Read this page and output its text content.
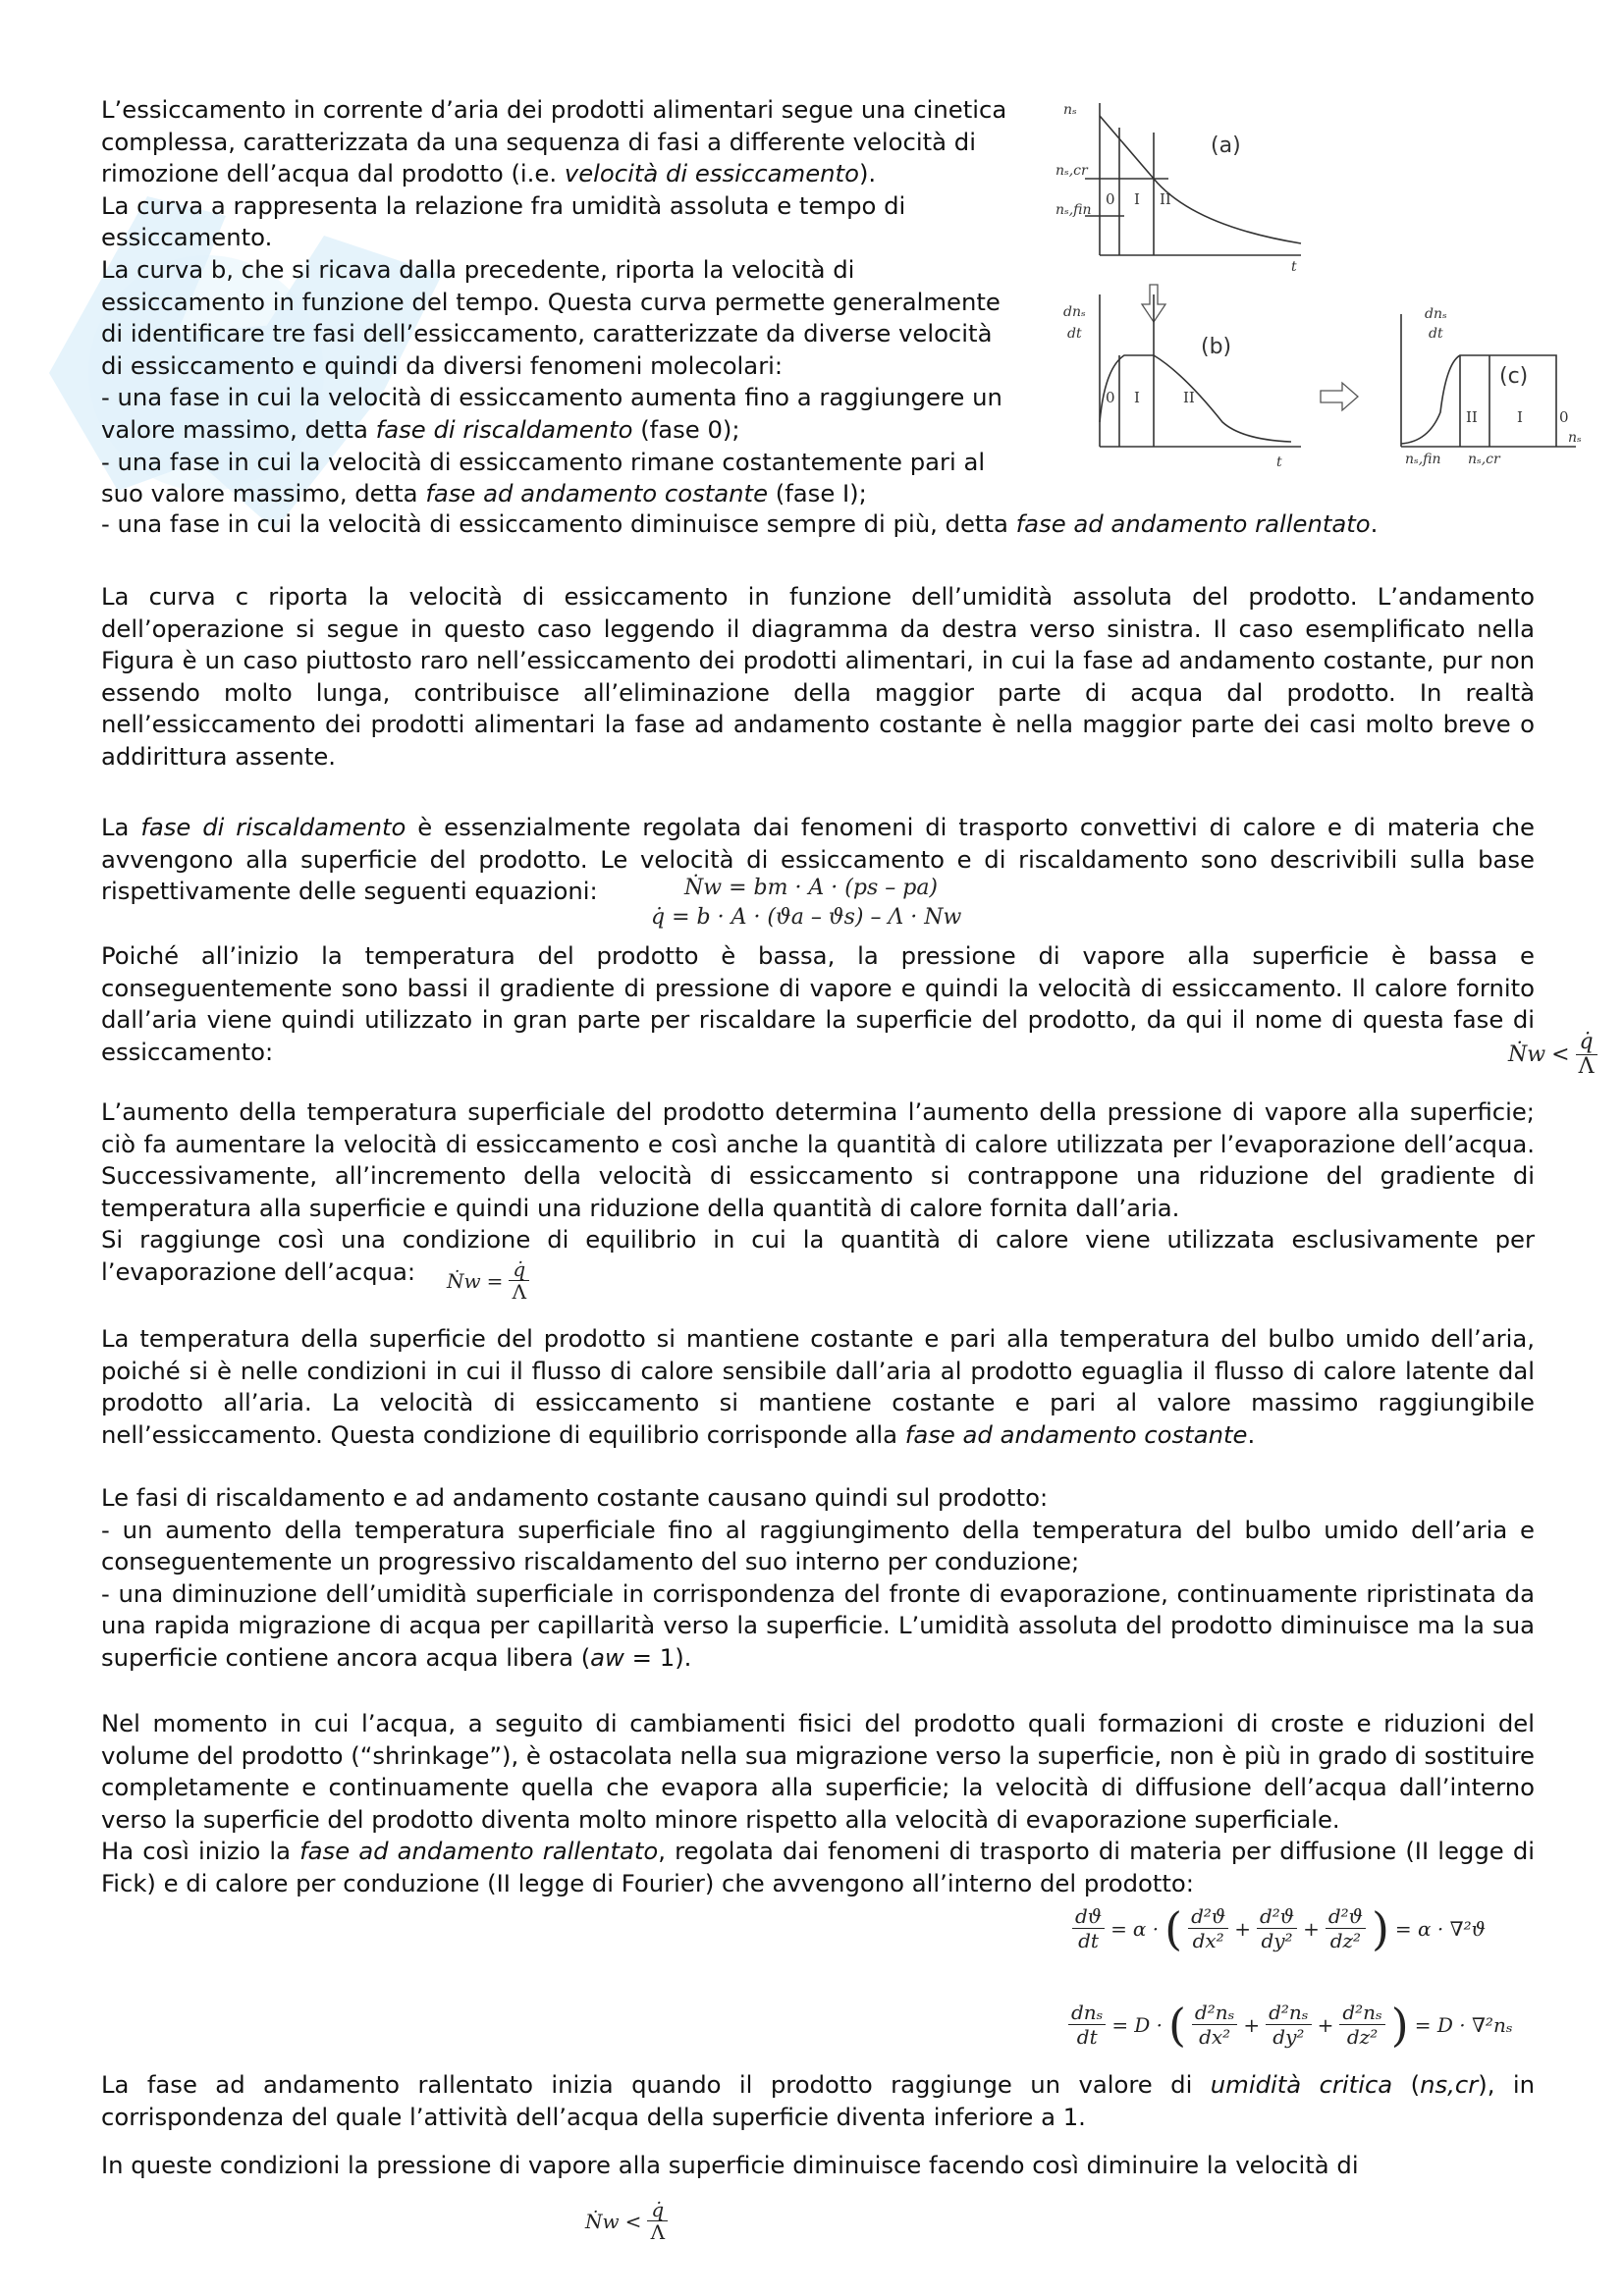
L’essiccamento in corrente d’aria dei prodotti alimentari segue una cinetica
complessa, caratterizzata da una sequenza di fasi a differente velocità di
rimozione dell’acqua dal prodotto (i.e. velocità di essiccamento).
La curva a rappresenta la relazione fra umidità assoluta e tempo di
essiccamento.
La curva b, che si ricava dalla precedente, riporta la velocità di
essiccamento in funzione del tempo. Questa curva permette generalmente
di identificare tre fasi dell’essiccamento, caratterizzate da diverse velocità
di essiccamento e quindi da diversi fenomeni molecolari:
- una fase in cui la velocità di essiccamento aumenta fino a raggiungere un
valore massimo, detta fase di riscaldamento (fase 0);
- una fase in cui la velocità di essiccamento rimane costantemente pari al
suo valore massimo, detta fase ad andamento costante (fase I);
- una fase in cui la velocità di essiccamento diminuisce sempre di più, detta fase ad andamento rallentato.
nₛ
nₛ,cr
nₛ,fin
(a)
0 I II
t
dnₛ
dt
(b)
0 I	II
t
dnₛ
dt
(c)
II	I 0
nₛ,fin nₛ,cr
nₛ

La curva c riporta la velocità di essiccamento in funzione dell’umidità assoluta del prodotto. L’andamento dell’operazione si segue in questo caso leggendo il diagramma da destra verso sinistra. Il caso esemplificato nella Figura è un caso piuttosto raro nell’essiccamento dei prodotti alimentari, in cui la fase ad andamento costante, pur non essendo molto lunga, contribuisce all’eliminazione della maggior parte di acqua dal prodotto. In realtà nell’essiccamento dei prodotti alimentari la fase ad andamento costante è nella maggior parte dei casi molto breve o addirittura assente.

La fase di riscaldamento è essenzialmente regolata dai fenomeni di trasporto convettivi di calore e di materia che avvengono alla superficie del prodotto. Le velocità di essiccamento e di riscaldamento sono descrivibili sulla base rispettivamente delle seguenti equazioni:	Ṅw = bm · A · (ps – pa)
q̇ = b · A · (ϑa – ϑs) – Λ · Nw

Poiché all’inizio la temperatura del prodotto è bassa, la pressione di vapore alla superficie è bassa e conseguentemente sono bassi il gradiente di pressione di vapore e quindi la velocità di essiccamento. Il calore fornito dall’aria viene quindi utilizzato in gran parte per riscaldare la superficie del prodotto, da qui il nome di questa fase di essiccamento:	Ṅw <
q̇
Λ

L’aumento della temperatura superficiale del prodotto determina l’aumento della pressione di vapore alla superficie; ciò fa aumentare la velocità di essiccamento e così anche la quantità di calore utilizzata per l’evaporazione dell’acqua. Successivamente, all’incremento della velocità di essiccamento si contrappone una riduzione del gradiente di temperatura alla superficie e quindi una riduzione della quantità di calore fornita dall’aria.

Si raggiunge così una condizione di equilibrio in cui la quantità di calore viene utilizzata esclusivamente per l’evaporazione dell’acqua:	Ṅw = $\frac{q̇}{\Lambda}$

La temperatura della superficie del prodotto si mantiene costante e pari alla temperatura del bulbo umido dell’aria, poiché si è nelle condizioni in cui il flusso di calore sensibile dall’aria al prodotto eguaglia il flusso di calore latente dal prodotto all’aria. La velocità di essiccamento si mantiene costante e pari al valore massimo raggiungibile nell’essiccamento. Questa condizione di equilibrio corrisponde alla fase ad andamento costante.

Le fasi di riscaldamento e ad andamento costante causano quindi sul prodotto:

- un aumento della temperatura superficiale fino al raggiungimento della temperatura del bulbo umido dell’aria e conseguentemente un progressivo riscaldamento del suo interno per conduzione;

- una diminuzione dell’umidità superficiale in corrispondenza del fronte di evaporazione, continuamente ripristinata da una rapida migrazione di acqua per capillarità verso la superficie. L’umidità assoluta del prodotto diminuisce ma la sua superficie contiene ancora acqua libera (aw = 1).

Nel momento in cui l’acqua, a seguito di cambiamenti fisici del prodotto quali formazioni di croste e riduzioni del volume del prodotto (“shrinkage”), è ostacolata nella sua migrazione verso la superficie, non è più in grado di sostituire completamente e continuamente quella che evapora alla superficie; la velocità di diffusione dell’acqua dall’interno verso la superficie del prodotto diventa molto minore rispetto alla velocità di evaporazione superficiale.

Ha così inizio la fase ad andamento rallentato, regolata dai fenomeni di trasporto di materia per diffusione (II legge di Fick) e di calore per conduzione (II legge di Fourier) che avvengono all’interno del prodotto:

$\frac{dϑ}{dt} = \alpha$ · ( d²ϑ
dx²
+ $\frac{\text{d²ϑ}}{\text{dy²}} + \frac{\text{d²ϑ}}{\text{dz²}}$ ) = α · ∇²ϑ
dnₛ
dt
= D · ( d²nₛ
dx²
+ $\frac{\text{d²nₛ}}{\text{dy²}} + \frac{\text{d²nₛ}}{\text{dz²}}$ ) = D · ∇²nₛ

La fase ad andamento rallentato inizia quando il prodotto raggiunge un valore di umidità critica (ns,cr), in corrispondenza del quale l’attività dell’acqua della superficie diventa inferiore a 1.

In queste condizioni la pressione di vapore alla superficie diminuisce facendo così diminuire la velocità di

Ṅw < q̇
Λ
